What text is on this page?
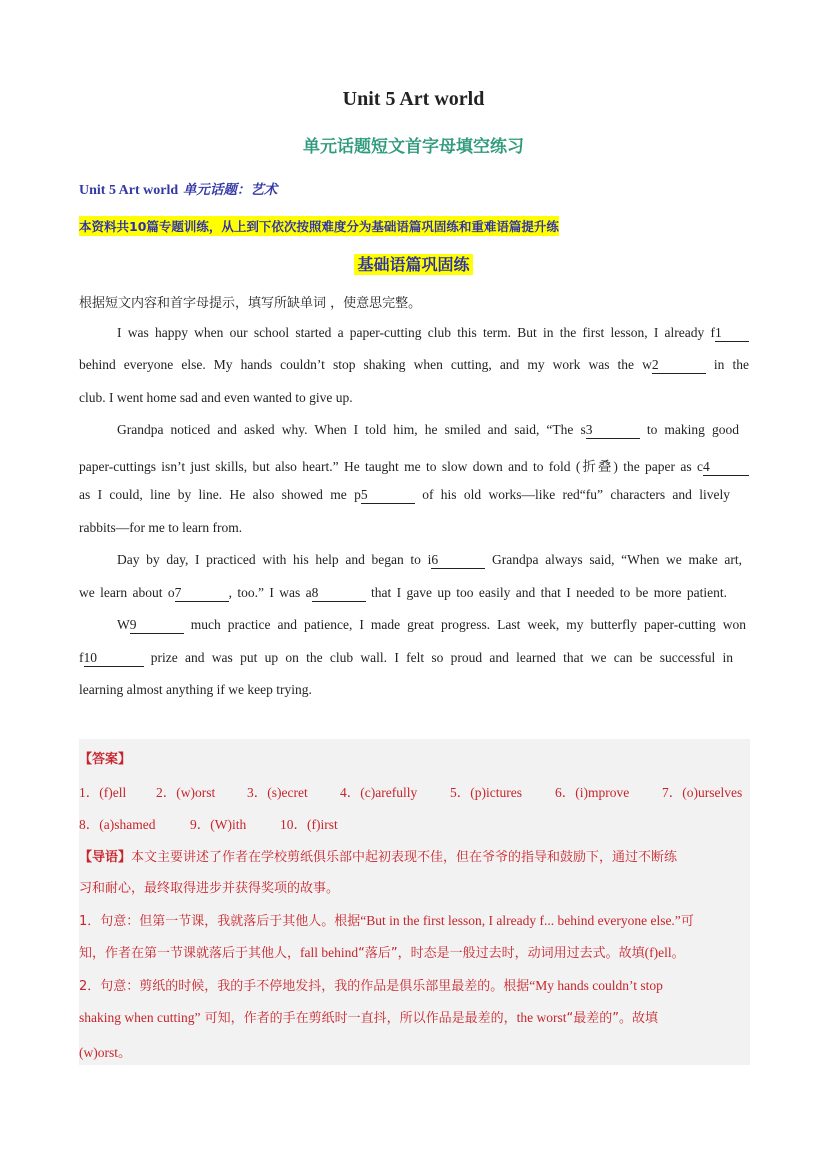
Unit 5 Art world
单元话题短文首字母填空练习
Unit 5 Art world 单元话题：艺术
本资料共10篇专题训练，从上到下依次按照难度分为基础语篇巩固练和重难语篇提升练
基础语篇巩固练
根据短文内容和首字母提示，填写所缺单词 ，使意思完整。
I was happy when our school started a paper-cutting club this term. But in the first lesson, I already f1
behind everyone else. My hands couldn’t stop shaking when cutting, and my work was the w2	in the
club. I went home sad and even wanted to give up.
Grandpa noticed and asked why. When I told him, he smiled and said, “The s3	to making good
paper-cuttings isn’t just skills, but also heart.” He taught me to slow down and to fold (折叠) the paper as c4
as I could, line by line. He also showed me p5	of his old works—like red“fu” characters and lively
rabbits—for me to learn from.
Day by day, I practiced with his help and began to i6	Grandpa always said, “When we make art,
we learn about o7	, too.” I was a8	that I gave up too easily and that I needed to be more patient.
W9	much practice and patience, I made great progress. Last week, my butterfly paper-cutting won
f10	prize and was put up on the club wall. I felt so proud and learned that we can be successful in
learning almost anything if we keep trying.
【答案】
1．(f)ell 2．(w)orst 3．(s)ecret 4．(c)arefully 5．(p)ictures 6．(i)mprove 7．(o)urselves
8．(a)shamed	9．(W)ith	10．(f)irst
【导语】本文主要讲述了作者在学校剪纸俱乐部中起初表现不佳，但在爷爷的指导和鼓励下，通过不断练
习和耐心，最终取得进步并获得奖项的故事。
1．句意：但第一节课，我就落后于其他人。根据“But in the first lesson, I already f... behind everyone else.”可
知，作者在第一节课就落后于其他人，fall behind“落后”，时态是一般过去时，动词用过去式。故填(f)ell。
2．句意：剪纸的时候，我的手不停地发抖，我的作品是俱乐部里最差的。根据“My hands couldn’t stop
shaking when cutting” 可知，作者的手在剪纸时一直抖，所以作品是最差的，the worst“最差的”。故填
(w)orst。
